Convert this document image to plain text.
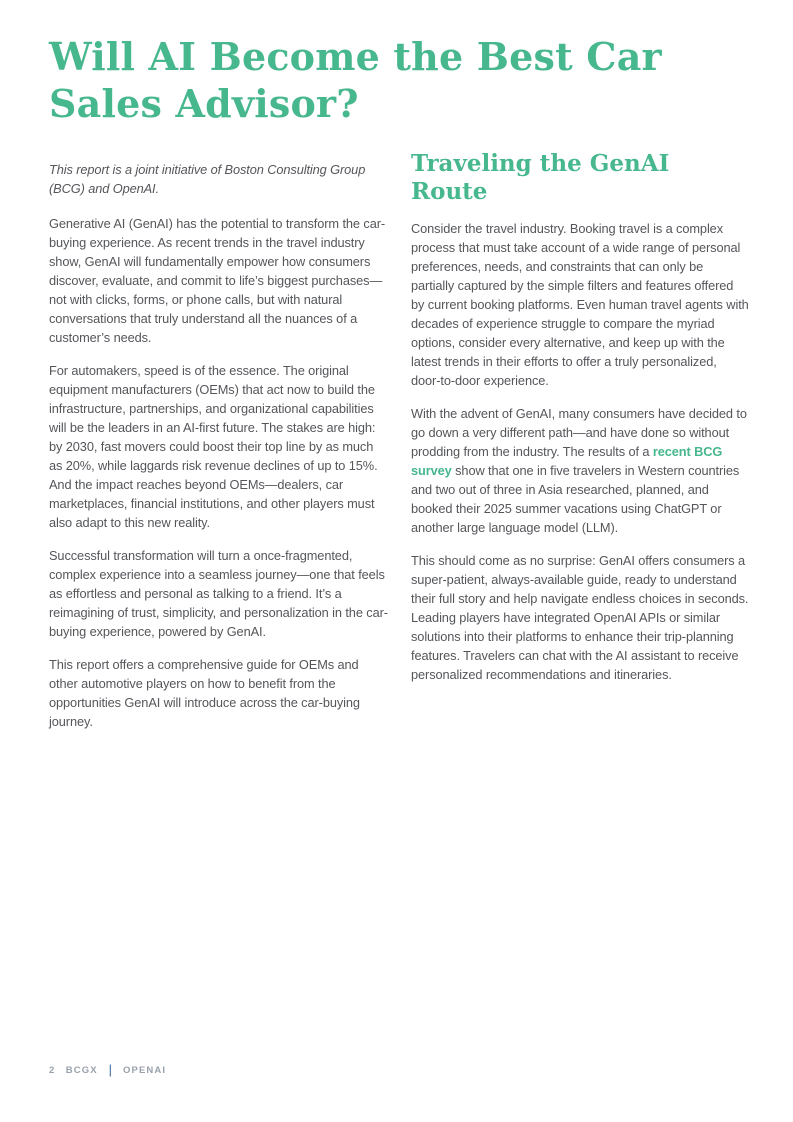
Will AI Become the Best Car
Sales Advisor?

This report is a joint initiative of Boston Consulting Group (BCG) and OpenAI.

Generative AI (GenAI) has the potential to transform the car-buying experience. As recent trends in the travel industry show, GenAI will fundamentally empower how consumers discover, evaluate, and commit to life’s biggest purchases—not with clicks, forms, or phone calls, but with natural conversations that truly understand all the nuances of a customer’s needs.

For automakers, speed is of the essence. The original equipment manufacturers (OEMs) that act now to build the infrastructure, partnerships, and organizational capabilities will be the leaders in an AI-first future. The stakes are high: by 2030, fast movers could boost their top line by as much as 20%, while laggards risk revenue declines of up to 15%. And the impact reaches beyond OEMs—dealers, car marketplaces, financial institutions, and other players must also adapt to this new reality.

Successful transformation will turn a once-fragmented, complex experience into a seamless journey—one that feels as effortless and personal as talking to a friend. It’s a reimagining of trust, simplicity, and personalization in the car-buying experience, powered by GenAI.

This report offers a comprehensive guide for OEMs and other automotive players on how to benefit from the opportunities GenAI will introduce across the car-buying journey.

Traveling the GenAI Route

Consider the travel industry. Booking travel is a complex process that must take account of a wide range of personal preferences, needs, and constraints that can only be partially captured by the simple filters and features offered by current booking platforms. Even human travel agents with decades of experience struggle to compare the myriad options, consider every alternative, and keep up with the latest trends in their efforts to offer a truly personalized, door-to-door experience.

With the advent of GenAI, many consumers have decided to go down a very different path—and have done so without prodding from the industry. The results of a recent BCG survey show that one in five travelers in Western countries and two out of three in Asia researched, planned, and booked their 2025 summer vacations using ChatGPT or another large language model (LLM).

This should come as no surprise: GenAI offers consumers a super-patient, always-available guide, ready to understand their full story and help navigate endless choices in seconds. Leading players have integrated OpenAI APIs or similar solutions into their platforms to enhance their trip-planning features. Travelers can chat with the AI assistant to receive personalized recommendations and itineraries.

2 BCGX | OPENAI
